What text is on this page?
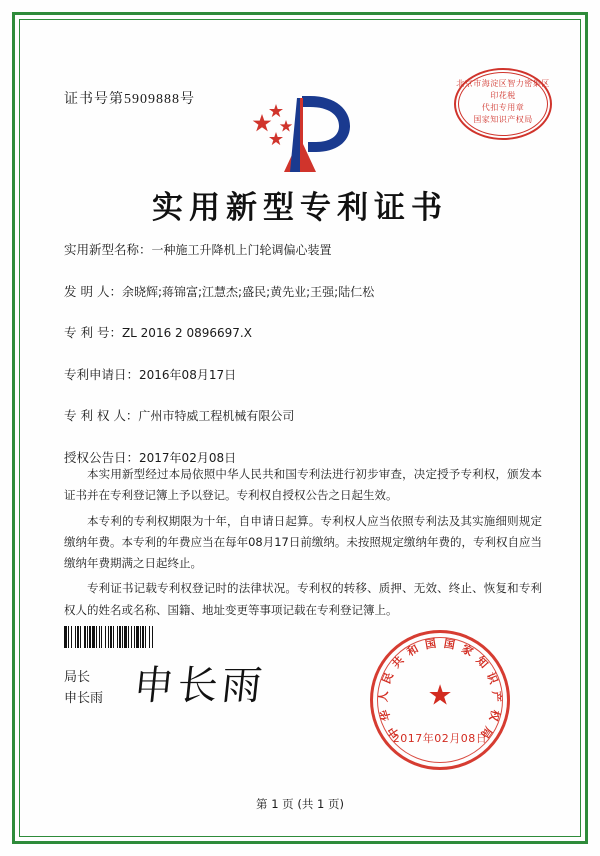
证书号第5909888号
北京市海淀区智力密集区
印花税
代扣专用章
国家知识产权局
实用新型专利证书
实用新型名称：一种施工升降机上门轮调偏心装置
发 明 人：余晓辉;蒋锦富;江慧杰;盛民;黄先业;王强;陆仁松
专 利 号：ZL 2016 2 0896697.X
专利申请日：2016年08月17日
专 利 权 人：广州市特威工程机械有限公司
授权公告日：2017年02月08日

本实用新型经过本局依照中华人民共和国专利法进行初步审查，决定授予专利权，颁发本证书并在专利登记簿上予以登记。专利权自授权公告之日起生效。

本专利的专利权期限为十年，自申请日起算。专利权人应当依照专利法及其实施细则规定缴纳年费。本专利的年费应当在每年08月17日前缴纳。未按照规定缴纳年费的，专利权自应当缴纳年费期满之日起终止。

专利证书记载专利权登记时的法律状况。专利权的转移、质押、无效、终止、恢复和专利权人的姓名或名称、国籍、地址变更等事项记载在专利登记簿上。

局长
申长雨 申长雨
中
华
人
民
共
和 国 国 家
知
识
产
权
局
★
2017年02月08日
第 1 页 (共 1 页)
